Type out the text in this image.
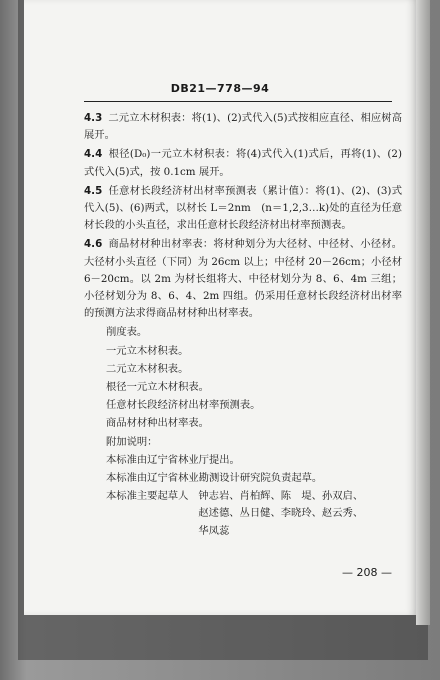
DB21—778—94

4.3 二元立木材积表：将(1)、(2)式代入(5)式按相应直径、相应树高展开。

4.4 根径(D₀)一元立木材积表：将(4)式代入(1)式后，再将(1)、(2)式代入(5)式，按 0.1cm 展开。

4.5 任意材长段经济材出材率预测表（累计值）：将(1)、(2)、(3)式代入(5)、(6)两式，以材长 L＝2nm　(n＝1,2,3…k)处的直径为任意材长段的小头直径，求出任意材长段经济材出材率预测表。

4.6 商品材材种出材率表：将材种划分为大径材、中径材、小径材。大径材小头直径（下同）为 26cm 以上；中径材 20－26cm；小径材 6－20cm。以 2m 为材长组将大、中径材划分为 8、6、4m 三组；小径材划分为 8、6、4、2m 四组。仍采用任意材长段经济材出材率的预测方法求得商品材材种出材率表。

削度表。
一元立木材积表。
二元立木材积表。
根径一元立木材积表。
任意材长段经济材出材率预测表。
商品材材种出材率表。
附加说明：
本标准由辽宁省林业厅提出。
本标准由辽宁省林业勘测设计研究院负责起草。
本标准主要起草人 钟志岩、肖柏辉、陈　堤、孙双启、
赵述德、丛日健、李晓玲、赵云秀、
华凤蕊
— 208 —
